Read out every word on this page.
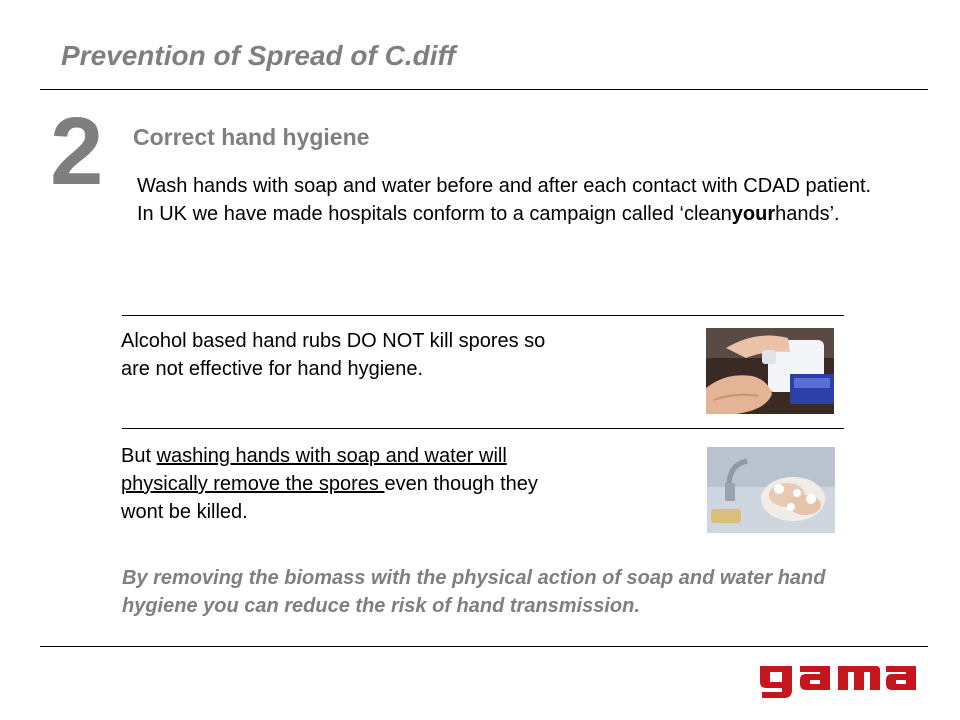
Prevention of Spread of C.diff
2 Correct hand hygiene
Wash hands with soap and water before and after each contact with CDAD patient.
In UK we have made hospitals conform to a campaign called ‘cleanyourhands’.
Alcohol based hand rubs DO NOT kill spores so are not effective for hand hygiene.
But washing hands with soap and water will physically remove the spores even though they wont be killed.
By removing the biomass with the physical action of soap and water hand hygiene you can reduce the risk of hand transmission.
